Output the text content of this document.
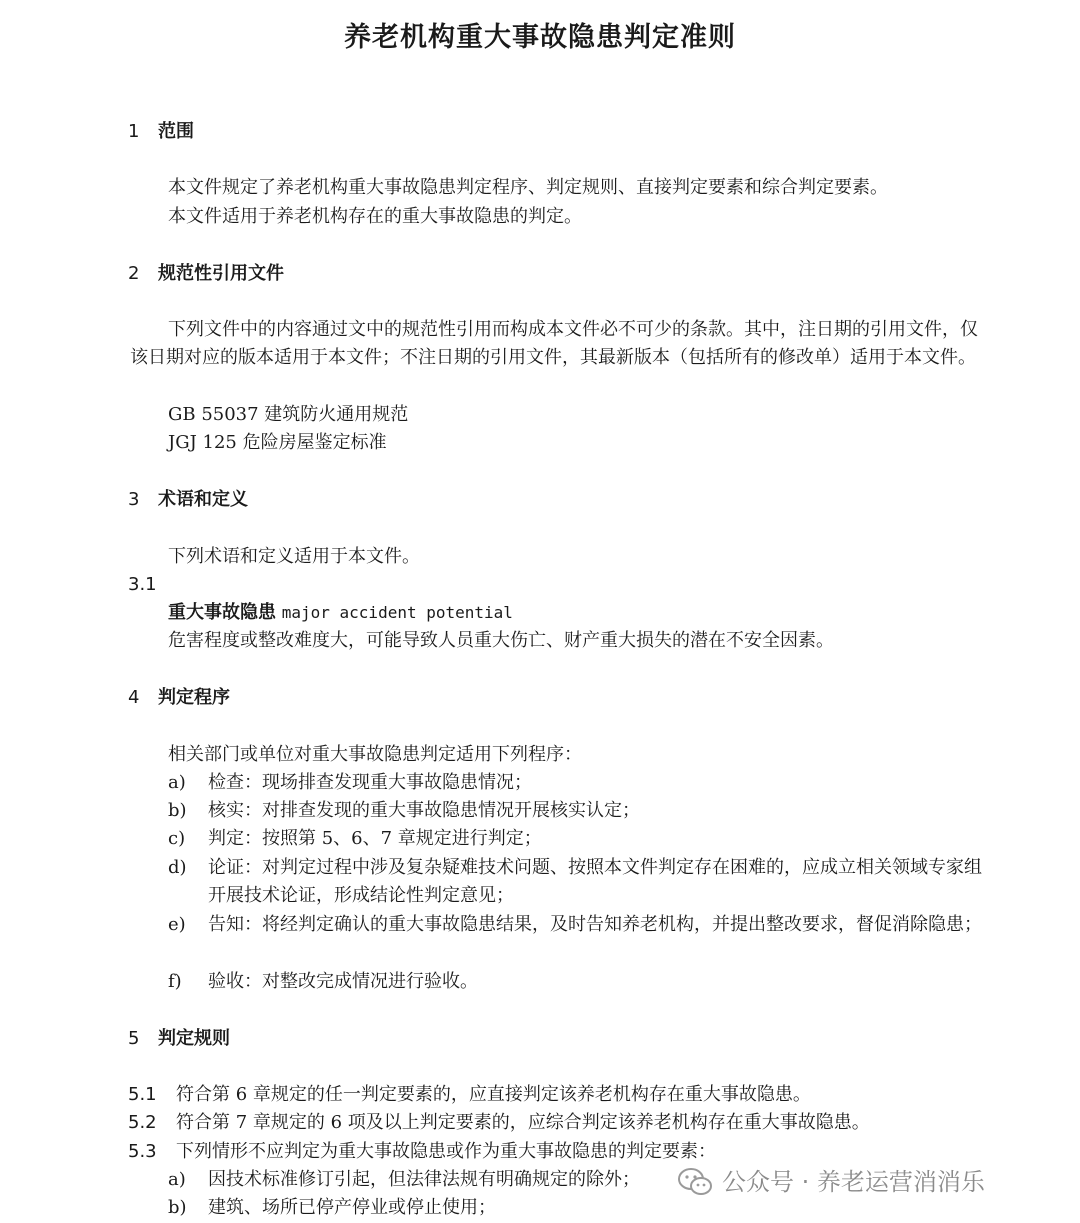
养老机构重大事故隐患判定准则
1 范围
本文件规定了养老机构重大事故隐患判定程序、判定规则、直接判定要素和综合判定要素。
本文件适用于养老机构存在的重大事故隐患的判定。
2 规范性引用文件
下列文件中的内容通过文中的规范性引用而构成本文件必不可少的条款。其中，注日期的引用文件，仅该日期对应的版本适用于本文件；不注日期的引用文件，其最新版本（包括所有的修改单）适用于本文件。
GB 55037 建筑防火通用规范
JGJ 125 危险房屋鉴定标准
3 术语和定义
下列术语和定义适用于本文件。
3.1
重大事故隐患 major accident potential
危害程度或整改难度大，可能导致人员重大伤亡、财产重大损失的潜在不安全因素。
4 判定程序
相关部门或单位对重大事故隐患判定适用下列程序：
a) 检查：现场排查发现重大事故隐患情况；
b) 核实：对排查发现的重大事故隐患情况开展核实认定；
c) 判定：按照第 5、6、7 章规定进行判定；
d) 论证：对判定过程中涉及复杂疑难技术问题、按照本文件判定存在困难的，应成立相关领域专家组开展技术论证，形成结论性判定意见；
e) 告知：将经判定确认的重大事故隐患结果，及时告知养老机构，并提出整改要求，督促消除隐患；
f) 验收：对整改完成情况进行验收。
5 判定规则
5.1 符合第 6 章规定的任一判定要素的，应直接判定该养老机构存在重大事故隐患。
5.2 符合第 7 章规定的 6 项及以上判定要素的，应综合判定该养老机构存在重大事故隐患。
5.3 下列情形不应判定为重大事故隐患或作为重大事故隐患的判定要素：
a) 因技术标准修订引起，但法律法规有明确规定的除外；
b) 建筑、场所已停产停业或停止使用；
公众号 · 养老运营消消乐
